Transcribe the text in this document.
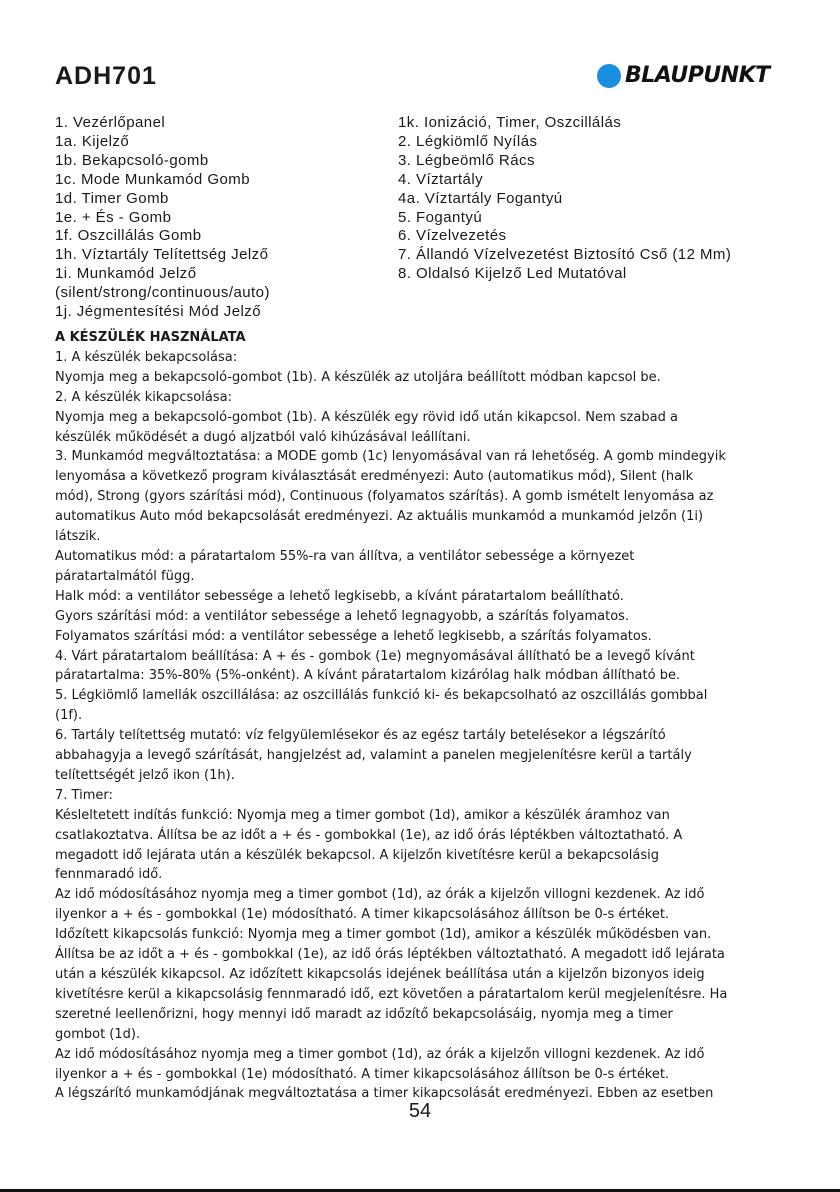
ADH701	BLAUPUNKT
1. Vezérlőpanel
1a. Kijelző
1b. Bekapcsoló-gomb
1c. Mode Munkamód Gomb
1d. Timer Gomb
1e. + És - Gomb
1f. Oszcillálás Gomb
1h. Víztartály Telítettség Jelző
1i. Munkamód Jelző
(silent/strong/continuous/auto)
1j. Jégmentesítési Mód Jelző
1k. Ionizáció, Timer, Oszcillálás
2. Légkiömlő Nyílás
3. Légbeömlő Rács
4. Víztartály
4a. Víztartály Fogantyú
5. Fogantyú
6. Vízelvezetés
7. Állandó Vízelvezetést Biztosító Cső (12 Mm)
8. Oldalsó Kijelző Led Mutatóval
A KÉSZÜLÉK HASZNÁLATA
1. A készülék bekapcsolása:
Nyomja meg a bekapcsoló-gombot (1b). A készülék az utoljára beállított módban kapcsol be.
2. A készülék kikapcsolása:
Nyomja meg a bekapcsoló-gombot (1b). A készülék egy rövid idő után kikapcsol. Nem szabad a
készülék működését a dugó aljzatból való kihúzásával leállítani.
3. Munkamód megváltoztatása: a MODE gomb (1c) lenyomásával van rá lehetőség. A gomb mindegyik
lenyomása a következő program kiválasztását eredményezi: Auto (automatikus mód), Silent (halk
mód), Strong (gyors szárítási mód), Continuous (folyamatos szárítás). A gomb ismételt lenyomása az
automatikus Auto mód bekapcsolását eredményezi. Az aktuális munkamód a munkamód jelzőn (1i)
látszik.
Automatikus mód: a páratartalom 55%-ra van állítva, a ventilátor sebessége a környezet
páratartalmától függ.
Halk mód: a ventilátor sebessége a lehető legkisebb, a kívánt páratartalom beállítható.
Gyors szárítási mód: a ventilátor sebessége a lehető legnagyobb, a szárítás folyamatos.
Folyamatos szárítási mód: a ventilátor sebessége a lehető legkisebb, a szárítás folyamatos.
4. Várt páratartalom beállítása: A + és - gombok (1e) megnyomásával állítható be a levegő kívánt
páratartalma: 35%-80% (5%-onként). A kívánt páratartalom kizárólag halk módban állítható be.
5. Légkiömlő lamellák oszcillálása: az oszcillálás funkció ki- és bekapcsolható az oszcillálás gombbal
(1f).
6. Tartály telítettség mutató: víz felgyülemlésekor és az egész tartály betelésekor a légszárító
abbahagyja a levegő szárítását, hangjelzést ad, valamint a panelen megjelenítésre kerül a tartály
telítettségét jelző ikon (1h).
7. Timer:
Késleltetett indítás funkció: Nyomja meg a timer gombot (1d), amikor a készülék áramhoz van
csatlakoztatva. Állítsa be az időt a + és - gombokkal (1e), az idő órás léptékben változtatható. A
megadott idő lejárata után a készülék bekapcsol. A kijelzőn kivetítésre kerül a bekapcsolásig
fennmaradó idő.
Az idő módosításához nyomja meg a timer gombot (1d), az órák a kijelzőn villogni kezdenek. Az idő
ilyenkor a + és - gombokkal (1e) módosítható. A timer kikapcsolásához állítson be 0-s értéket.
Időzített kikapcsolás funkció: Nyomja meg a timer gombot (1d), amikor a készülék működésben van.
Állítsa be az időt a + és - gombokkal (1e), az idő órás léptékben változtatható. A megadott idő lejárata
után a készülék kikapcsol. Az időzített kikapcsolás idejének beállítása után a kijelzőn bizonyos ideig
kivetítésre kerül a kikapcsolásig fennmaradó idő, ezt követően a páratartalom kerül megjelenítésre. Ha
szeretné leellenőrizni, hogy mennyi idő maradt az időzítő bekapcsolásáig, nyomja meg a timer
gombot (1d).
Az idő módosításához nyomja meg a timer gombot (1d), az órák a kijelzőn villogni kezdenek. Az idő
ilyenkor a + és - gombokkal (1e) módosítható. A timer kikapcsolásához állítson be 0-s értéket.
A légszárító munkamódjának megváltoztatása a timer kikapcsolását eredményezi. Ebben az esetben
54
